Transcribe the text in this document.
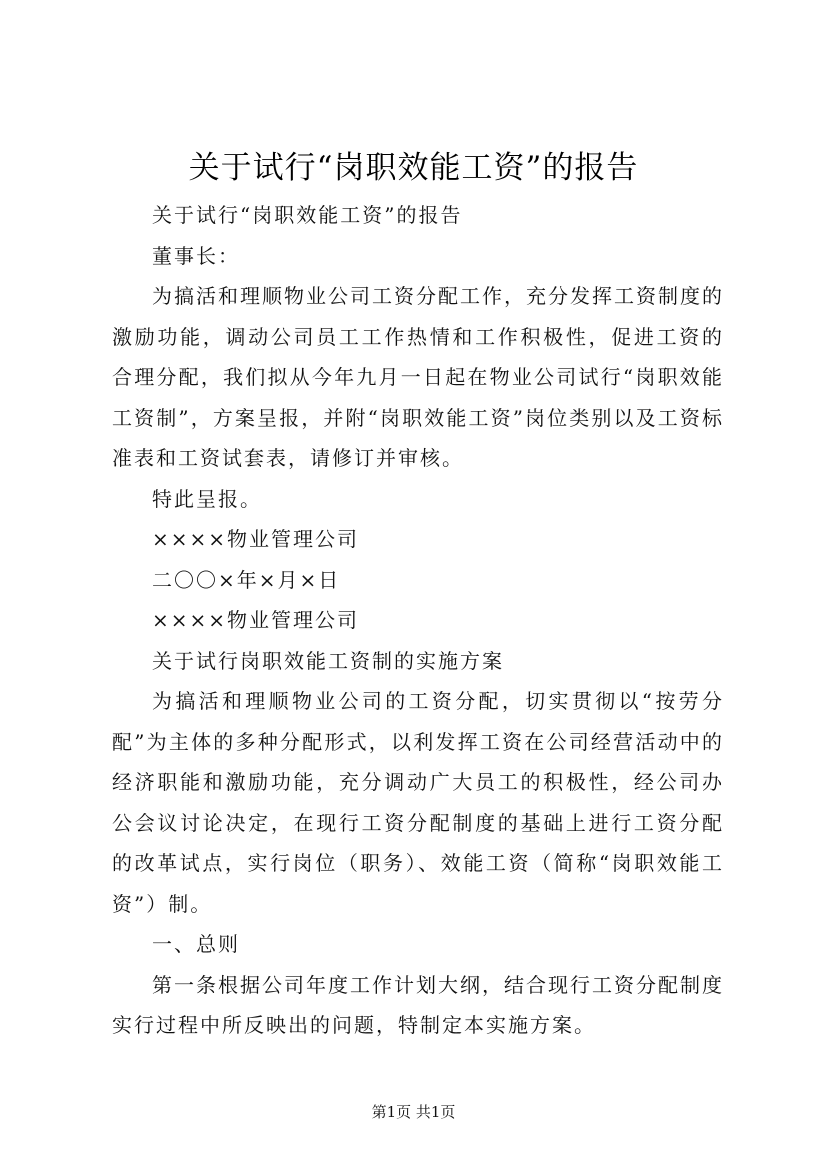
关于试行“岗职效能工资”的报告

关于试行“岗职效能工资”的报告

董事长：

为搞活和理顺物业公司工资分配工作，充分发挥工资制度的激励功能，调动公司员工工作热情和工作积极性，促进工资的合理分配，我们拟从今年九月一日起在物业公司试行“岗职效能工资制”，方案呈报，并附“岗职效能工资”岗位类别以及工资标准表和工资试套表，请修订并审核。

特此呈报。

××××物业管理公司

二〇〇×年×月×日

××××物业管理公司

关于试行岗职效能工资制的实施方案

为搞活和理顺物业公司的工资分配，切实贯彻以“按劳分配”为主体的多种分配形式，以利发挥工资在公司经营活动中的经济职能和激励功能，充分调动广大员工的积极性，经公司办公会议讨论决定，在现行工资分配制度的基础上进行工资分配的改革试点，实行岗位（职务）、效能工资（简称“岗职效能工资”）制。

一、总则

第一条根据公司年度工作计划大纲，结合现行工资分配制度实行过程中所反映出的问题，特制定本实施方案。

第1页 共1页
